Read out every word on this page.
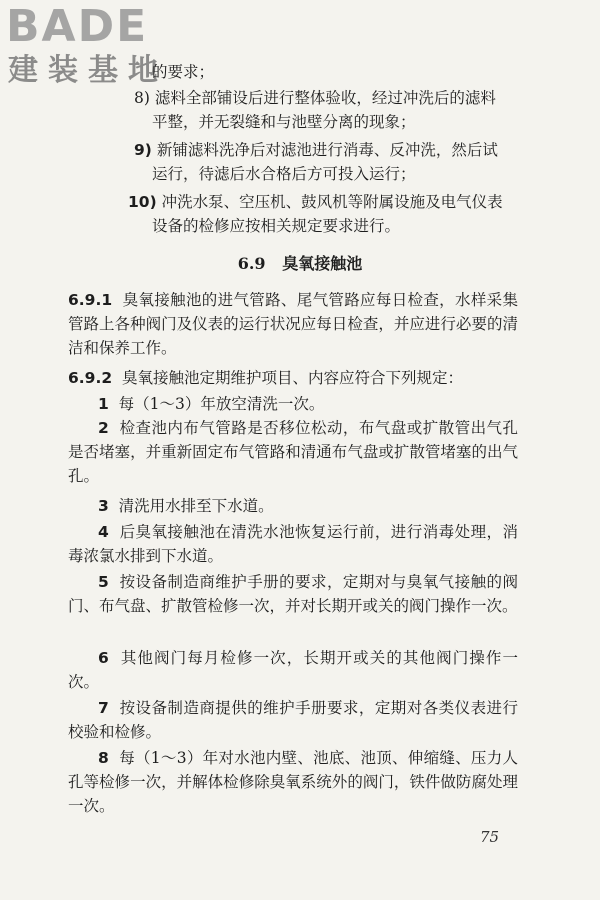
BADE
建装基地
的要求；
8) 滤料全部铺设后进行整体验收，经过冲洗后的滤料
平整，并无裂缝和与池壁分离的现象；
9) 新铺滤料洗净后对滤池进行消毒、反冲洗，然后试
运行，待滤后水合格后方可投入运行；
10) 冲洗水泵、空压机、鼓风机等附属设施及电气仪表
设备的检修应按相关规定要求进行。
6.9 臭氧接触池
6.9.1 臭氧接触池的进气管路、尾气管路应每日检查，水样采集管路上各种阀门及仪表的运行状况应每日检查，并应进行必要的清洁和保养工作。
6.9.2 臭氧接触池定期维护项目、内容应符合下列规定：
1 每（1～3）年放空清洗一次。
2 检查池内布气管路是否移位松动，布气盘或扩散管出气孔是否堵塞，并重新固定布气管路和清通布气盘或扩散管堵塞的出气孔。
3 清洗用水排至下水道。
4 后臭氧接触池在清洗水池恢复运行前，进行消毒处理，消毒浓氯水排到下水道。
5 按设备制造商维护手册的要求，定期对与臭氧气接触的阀门、布气盘、扩散管检修一次，并对长期开或关的阀门操作一次。
6 其他阀门每月检修一次，长期开或关的其他阀门操作一次。
7 按设备制造商提供的维护手册要求，定期对各类仪表进行校验和检修。
8 每（1～3）年对水池内壁、池底、池顶、伸缩缝、压力人孔等检修一次，并解体检修除臭氧系统外的阀门，铁件做防腐处理一次。
75
